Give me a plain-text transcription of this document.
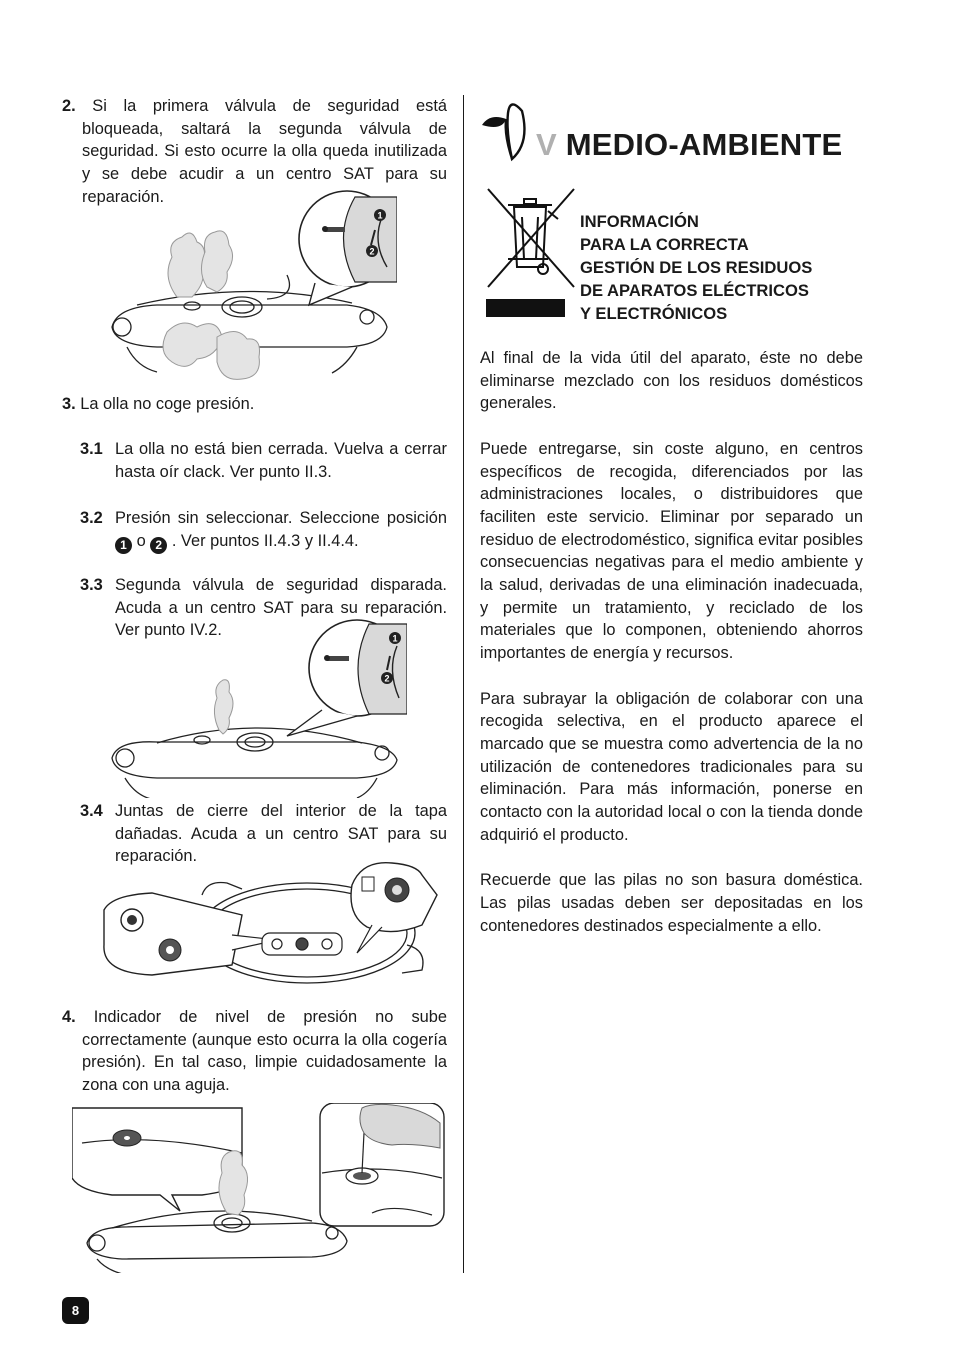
2. Si la primera válvula de seguridad está bloqueada, saltará la segunda válvula de seguridad. Si esto ocurre la olla queda inutilizada y se debe acudir a un centro SAT para su reparación.

1
2

3. La olla no coge presión.

3.1 La olla no está bien cerrada. Vuelva a cerrar hasta oír clack. Ver punto II.3.

3.2 Presión sin seleccionar. Seleccione posición 1 o 2 . Ver puntos II.4.3 y II.4.4.

3.3 Segunda válvula de seguridad disparada. Acuda a un centro SAT para su reparación. Ver punto IV.2.	1
2
3.4 Juntas de cierre del interior de la tapa dañadas. Acuda a un centro SAT para su reparación.

4. Indicador de nivel de presión no sube correctamente (aunque esto ocurra la olla cogería presión). En tal caso, limpie cuidadosamente la zona con una aguja.

V MEDIO-AMBIENTE
INFORMACIÓN
PARA LA CORRECTA
GESTIÓN DE LOS RESIDUOS
DE APARATOS ELÉCTRICOS
Y ELECTRÓNICOS

Al final de la vida útil del aparato, éste no debe eliminarse mezclado con los residuos domésticos generales.

Puede entregarse, sin coste alguno, en centros específicos de recogida, diferenciados por las administraciones locales, o distribuidores que faciliten este servicio. Eliminar por separado un residuo de electrodoméstico, significa evitar posibles consecuencias negativas para el medio ambiente y la salud, derivadas de una eliminación inadecuada, y permite un tratamiento, y reciclado de los materiales que lo componen, obteniendo ahorros importantes de energía y recursos.

Para subrayar la obligación de colaborar con una recogida selectiva, en el producto aparece el marcado que se muestra como advertencia de la no utilización de contenedores tradicionales para su eliminación. Para más información, ponerse en contacto con la autoridad local o con la tienda donde adquirió el producto.

Recuerde que las pilas no son basura doméstica. Las pilas usadas deben ser depositadas en los contenedores destinados especialmente a ello.

8
